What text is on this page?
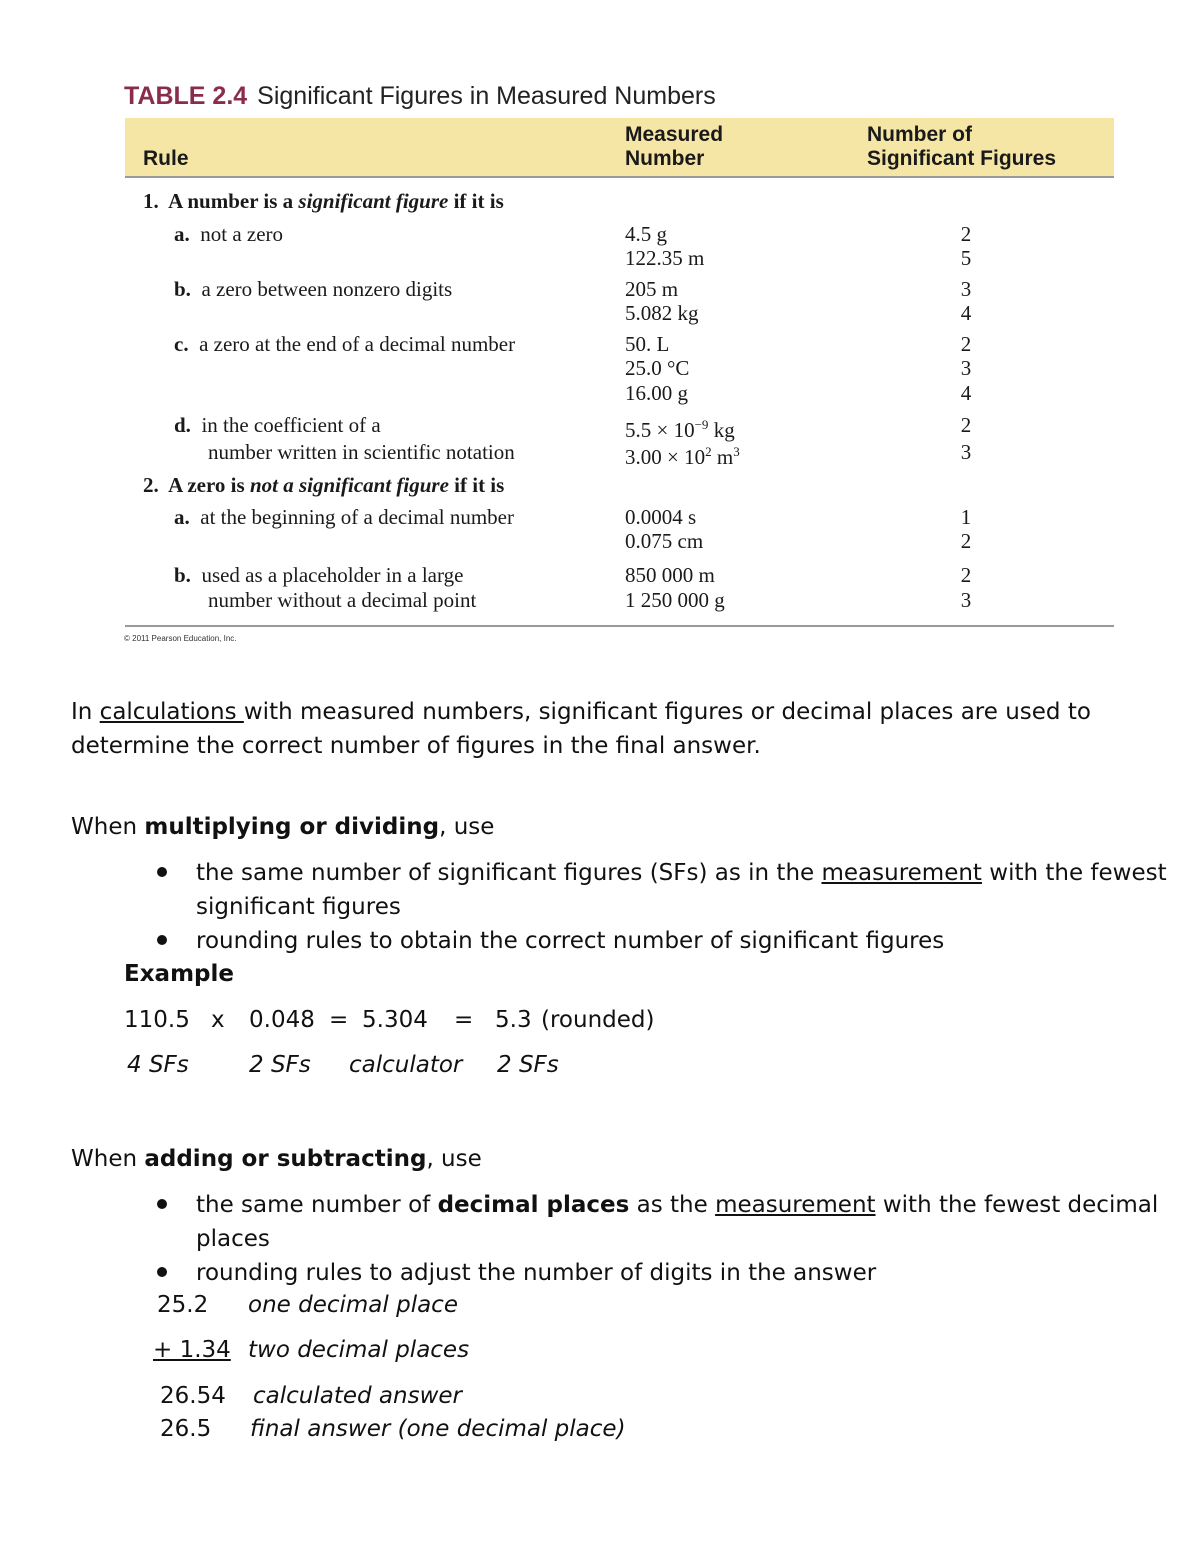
TABLE 2.4 Significant Figures in Measured Numbers
Rule
Measured
Number
Number of
Significant Figures
1. A number is a significant figure if it is
a. not a zero
b. a zero between nonzero digits
c. a zero at the end of a decimal number
d. in the coefficient of a
number written in scientific notation
2. A zero is not a significant figure if it is
a. at the beginning of a decimal number
b. used as a placeholder in a large
number without a decimal point
4.5 g
122.35 m
205 m
5.082 kg
50. L
25.0 °C
16.00 g
$5.5 \times 10^{-9}$ kg
$3.00 \times 10^2$ $m^3$
0.0004 s
0.075 cm
850 000 m
1 250 000 g
2
5
3
4
2
3
4
2
3
1
2
2
3
© 2011 Pearson Education, Inc.
In calculations with measured numbers, significant figures or decimal places are used to
determine the correct number of figures in the final answer.
When multiplying or dividing, use
the same number of significant figures (SFs) as in the measurement with the fewest
significant figures
rounding rules to obtain the correct number of significant figures
Example
110.5 x 0.048 = 5.304 = 5.3 (rounded)
4 SFs	2 SFs calculator 2 SFs
When adding or subtracting, use
the same number of decimal places as the measurement with the fewest decimal
places
rounding rules to adjust the number of digits in the answer
25.2 one decimal place
+ 1.34 two decimal places
26.54 calculated answer
26.5 final answer (one decimal place)
